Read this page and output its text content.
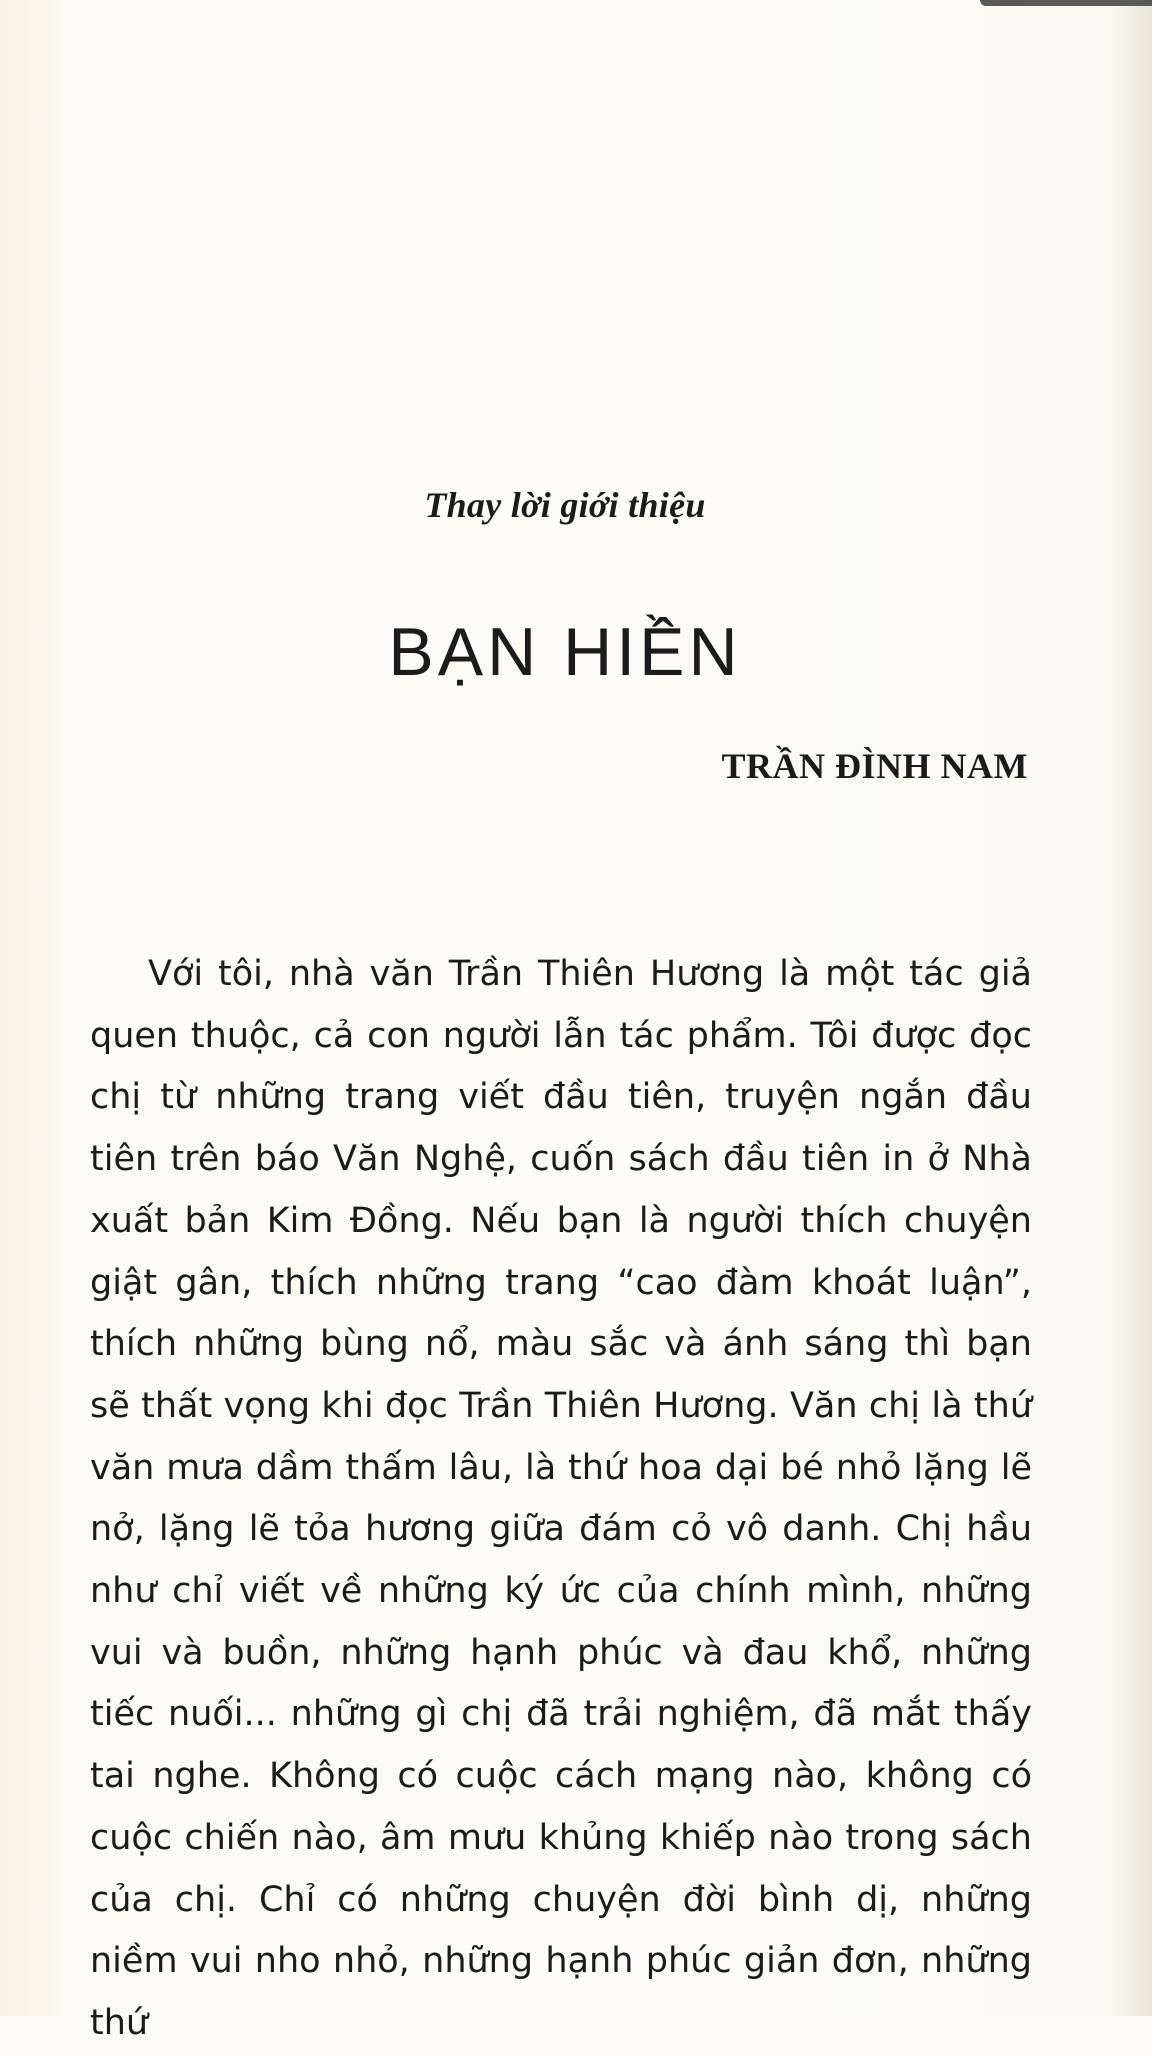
Thay lời giới thiệu
BẠN HIỀN
TRẦN ĐÌNH NAM

Với tôi, nhà văn Trần Thiên Hương là một tác giả quen thuộc, cả con người lẫn tác phẩm. Tôi được đọc chị từ những trang viết đầu tiên, truyện ngắn đầu tiên trên báo Văn Nghệ, cuốn sách đầu tiên in ở Nhà xuất bản Kim Đồng. Nếu bạn là người thích chuyện giật gân, thích những trang “cao đàm khoát luận”, thích những bùng nổ, màu sắc và ánh sáng thì bạn sẽ thất vọng khi đọc Trần Thiên Hương. Văn chị là thứ văn mưa dầm thấm lâu, là thứ hoa dại bé nhỏ lặng lẽ nở, lặng lẽ tỏa hương giữa đám cỏ vô danh. Chị hầu như chỉ viết về những ký ức của chính mình, những vui và buồn, những hạnh phúc và đau khổ, những tiếc nuối... những gì chị đã trải nghiệm, đã mắt thấy tai nghe. Không có cuộc cách mạng nào, không có cuộc chiến nào, âm mưu khủng khiếp nào trong sách của chị. Chỉ có những chuyện đời bình dị, những niềm vui nho nhỏ, những hạnh phúc giản đơn, những thứ
